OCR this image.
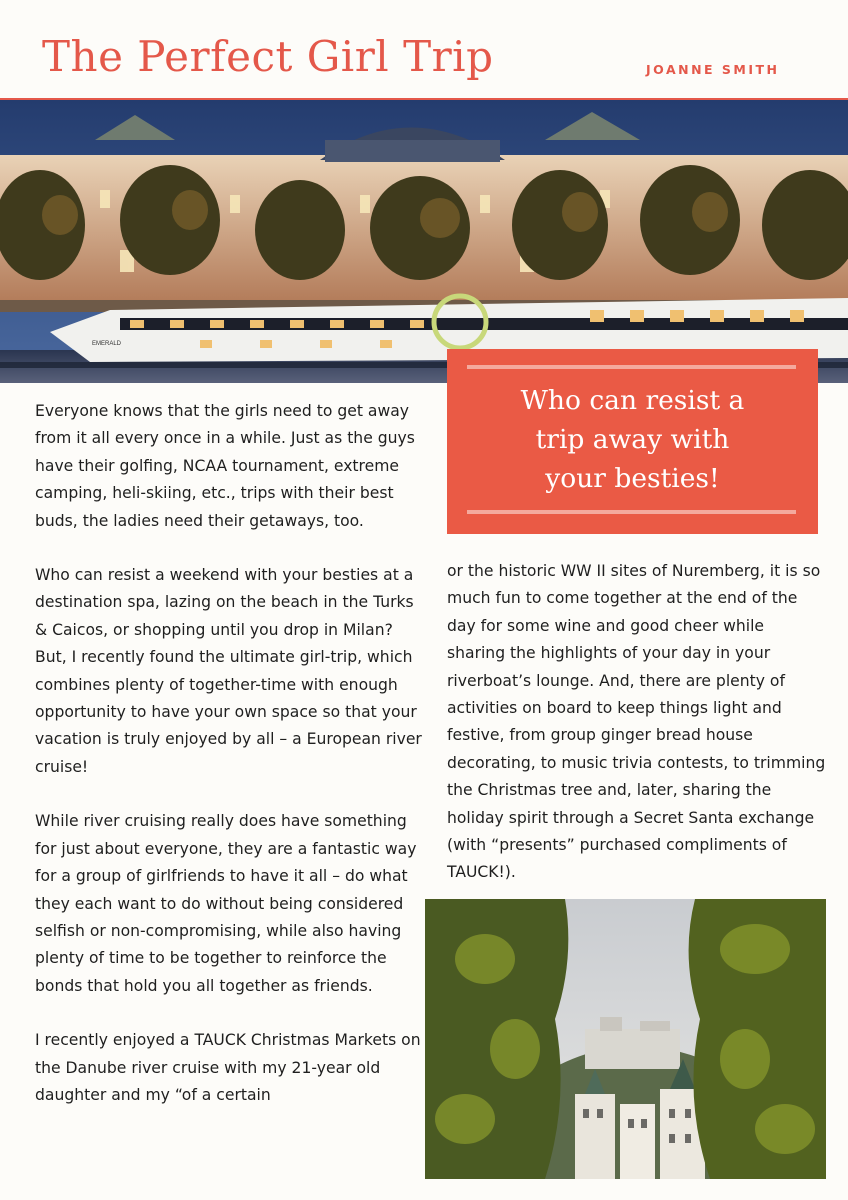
The Perfect Girl Trip	JOANNE SMITH
EMERALD
Who can resist a
trip away with
your besties!

Everyone knows that the girls need to get away from it all every once in a while. Just as the guys have their golfing, NCAA tournament, extreme camping, heli-skiing, etc., trips with their best buds, the ladies need their getaways, too.

Who can resist a weekend with your besties at a destination spa, lazing on the beach in the Turks & Caicos, or shopping until you drop in Milan? But, I recently found the ultimate girl-trip, which combines plenty of together-time with enough opportunity to have your own space so that your vacation is truly enjoyed by all – a European river cruise!

While river cruising really does have something for just about everyone, they are a fantastic way for a group of girlfriends to have it all – do what they each want to do without being considered selfish or non-compromising, while also having plenty of time to be together to reinforce the bonds that hold you all together as friends.

I recently enjoyed a TAUCK Christmas Markets on the Danube river cruise with my 21-year old daughter and my “of a certain

or the historic WW II sites of Nuremberg, it is so much fun to come together at the end of the day for some wine and good cheer while sharing the highlights of your day in your riverboat’s lounge. And, there are plenty of activities on board to keep things light and festive, from group ginger bread house decorating, to music trivia contests, to trimming the Christmas tree and, later, sharing the holiday spirit through a Secret Santa exchange (with “presents” purchased compliments of TAUCK!).
